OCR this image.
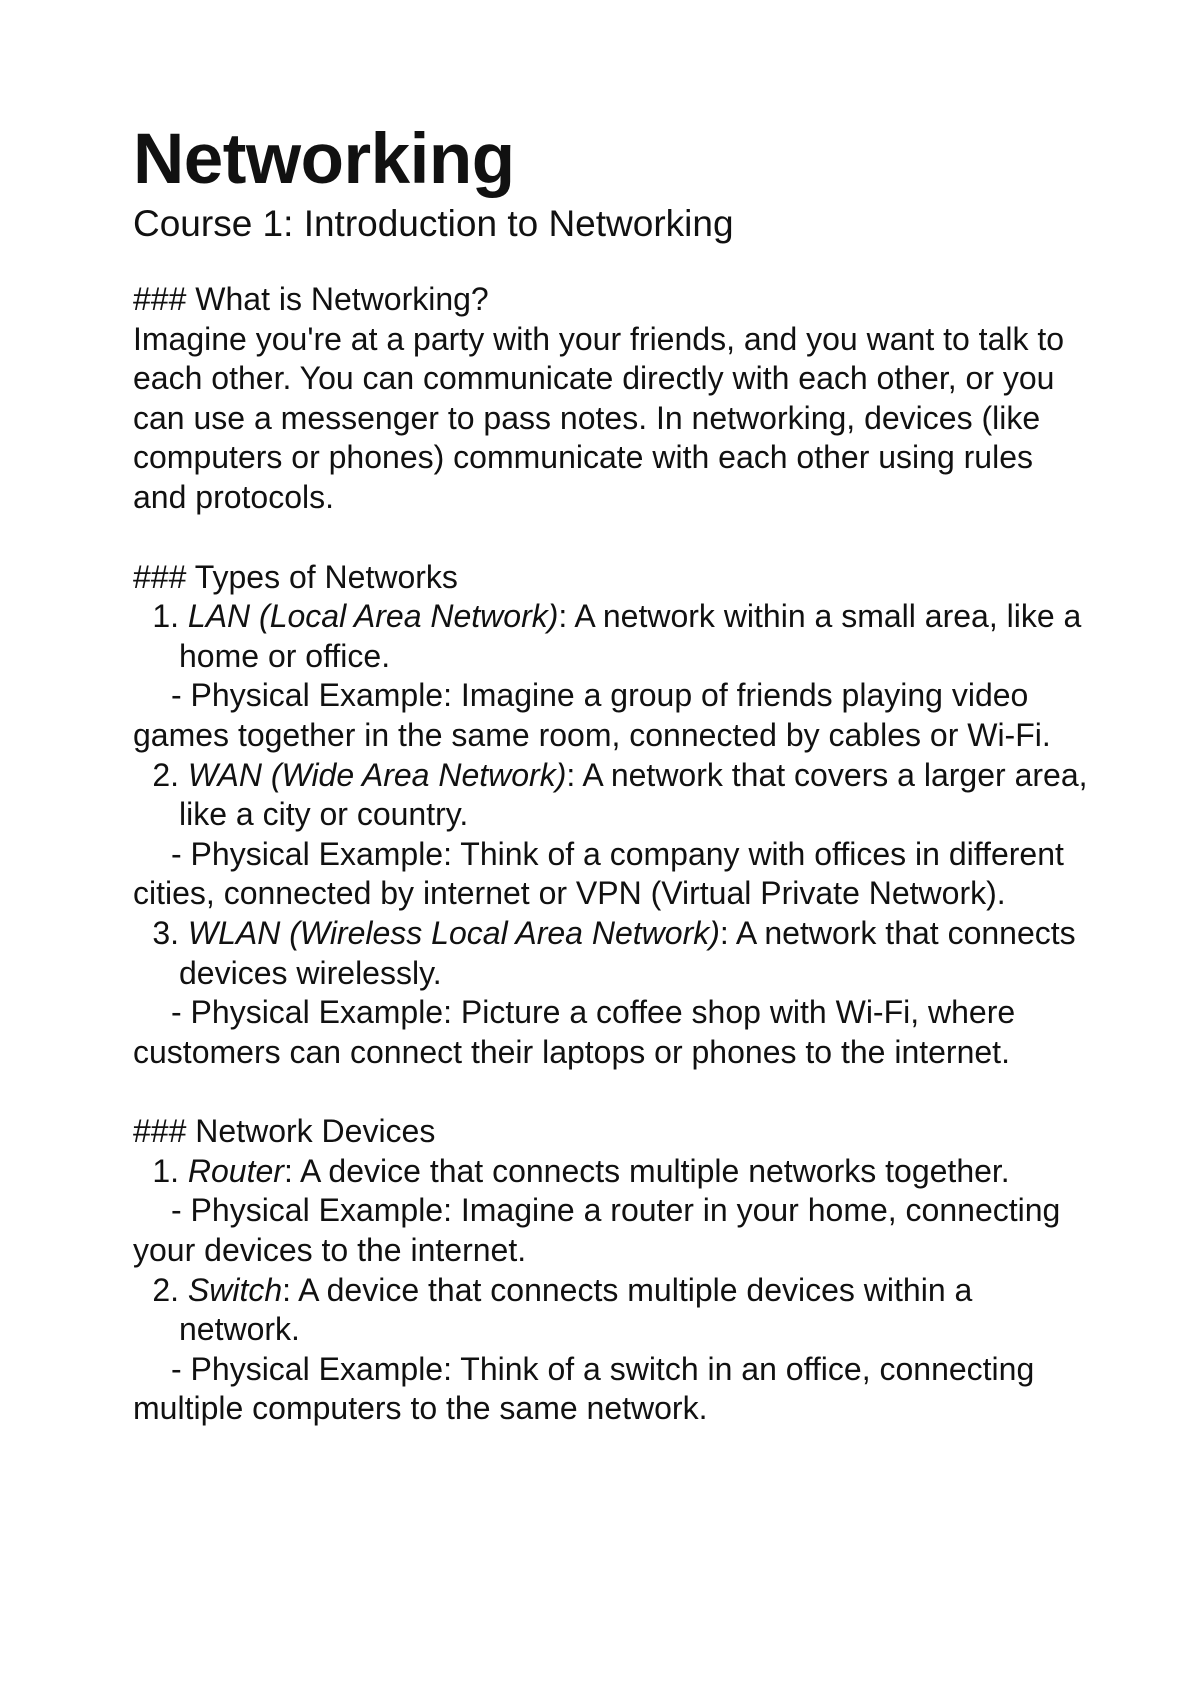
Networking

Course 1: Introduction to Networking

### What is Networking?

Imagine you're at a party with your friends, and you want to talk to each other. You can communicate directly with each other, or you can use a messenger to pass notes. In networking, devices (like computers or phones) communicate with each other using rules and protocols.

### Types of Networks

1. LAN (Local Area Network): A network within a small area, like a home or office.

- Physical Example: Imagine a group of friends playing video games together in the same room, connected by cables or Wi-Fi.

2. WAN (Wide Area Network): A network that covers a larger area, like a city or country.

- Physical Example: Think of a company with offices in different cities, connected by internet or VPN (Virtual Private Network).

3. WLAN (Wireless Local Area Network): A network that connects devices wirelessly.

- Physical Example: Picture a coffee shop with Wi-Fi, where customers can connect their laptops or phones to the internet.

### Network Devices

1. Router: A device that connects multiple networks together.

- Physical Example: Imagine a router in your home, connecting your devices to the internet.

2. Switch: A device that connects multiple devices within a network.

- Physical Example: Think of a switch in an office, connecting multiple computers to the same network.
